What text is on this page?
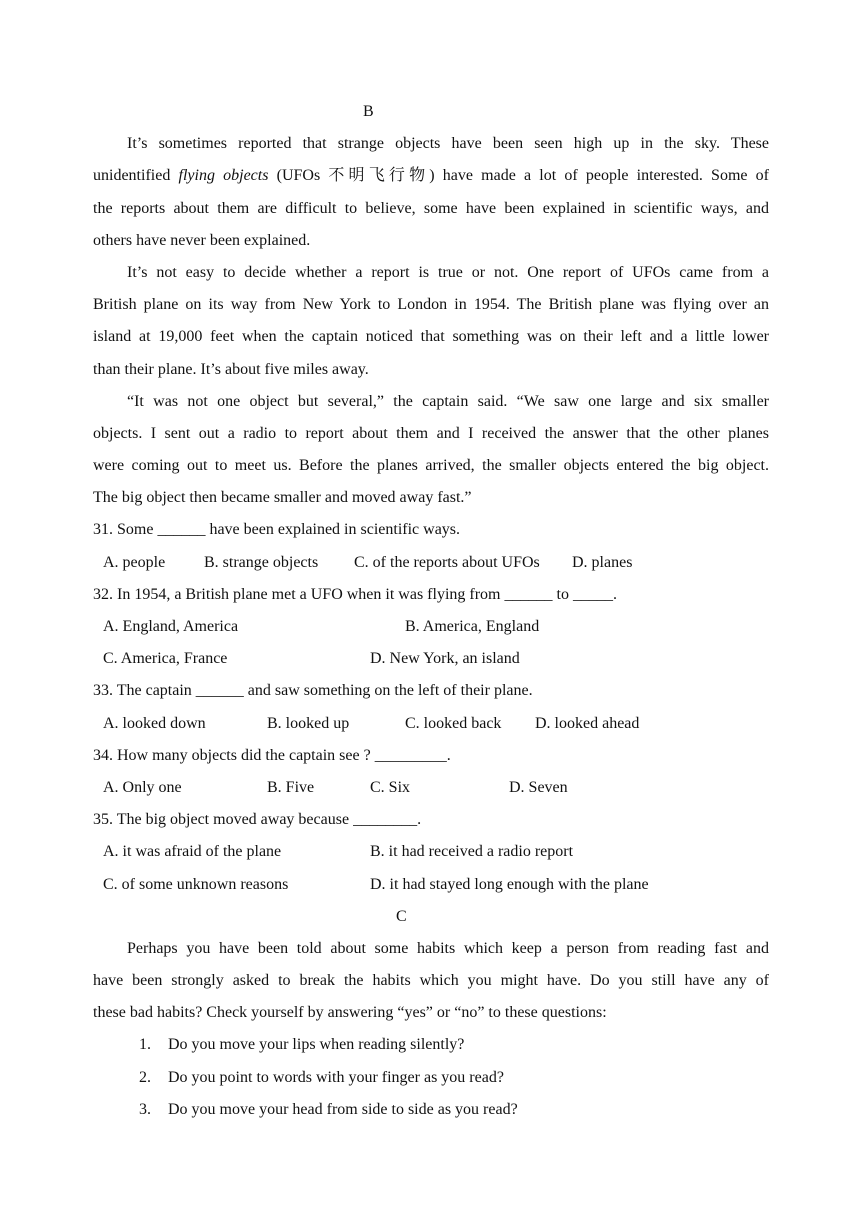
B
It’s sometimes reported that strange objects have been seen high up in the sky. These
unidentified flying objects (UFOs 不明飞行物) have made a lot of people interested. Some of
the reports about them are difficult to believe, some have been explained in scientific ways, and
others have never been explained.
It’s not easy to decide whether a report is true or not. One report of UFOs came from a
British plane on its way from New York to London in 1954. The British plane was flying over an
island at 19,000 feet when the captain noticed that something was on their left and a little lower
than their plane. It’s about five miles away.
“It was not one object but several,” the captain said. “We saw one large and six smaller
objects. I sent out a radio to report about them and I received the answer that the other planes
were coming out to meet us. Before the planes arrived, the smaller objects entered the big object.
The big object then became smaller and moved away fast.”
31. Some ______ have been explained in scientific ways.
A. people B. strange objects C. of the reports about UFOs D. planes
32. In 1954, a British plane met a UFO when it was flying from ______ to _____.
A. England, America	B. America, England
C. America, France	D. New York, an island
33. The captain ______ and saw something on the left of their plane.
A. looked down	B. looked up	C. looked back D. looked ahead
34. How many objects did the captain see ? _________.
A. Only one	B. Five	C. Six	D. Seven
35. The big object moved away because ________.
A. it was afraid of the plane	B. it had received a radio report
C. of some unknown reasons	D. it had stayed long enough with the plane
C
Perhaps you have been told about some habits which keep a person from reading fast and
have been strongly asked to break the habits which you might have. Do you still have any of
these bad habits? Check yourself by answering “yes” or “no” to these questions:
1. Do you move your lips when reading silently?
2. Do you point to words with your finger as you read?
3. Do you move your head from side to side as you read?
